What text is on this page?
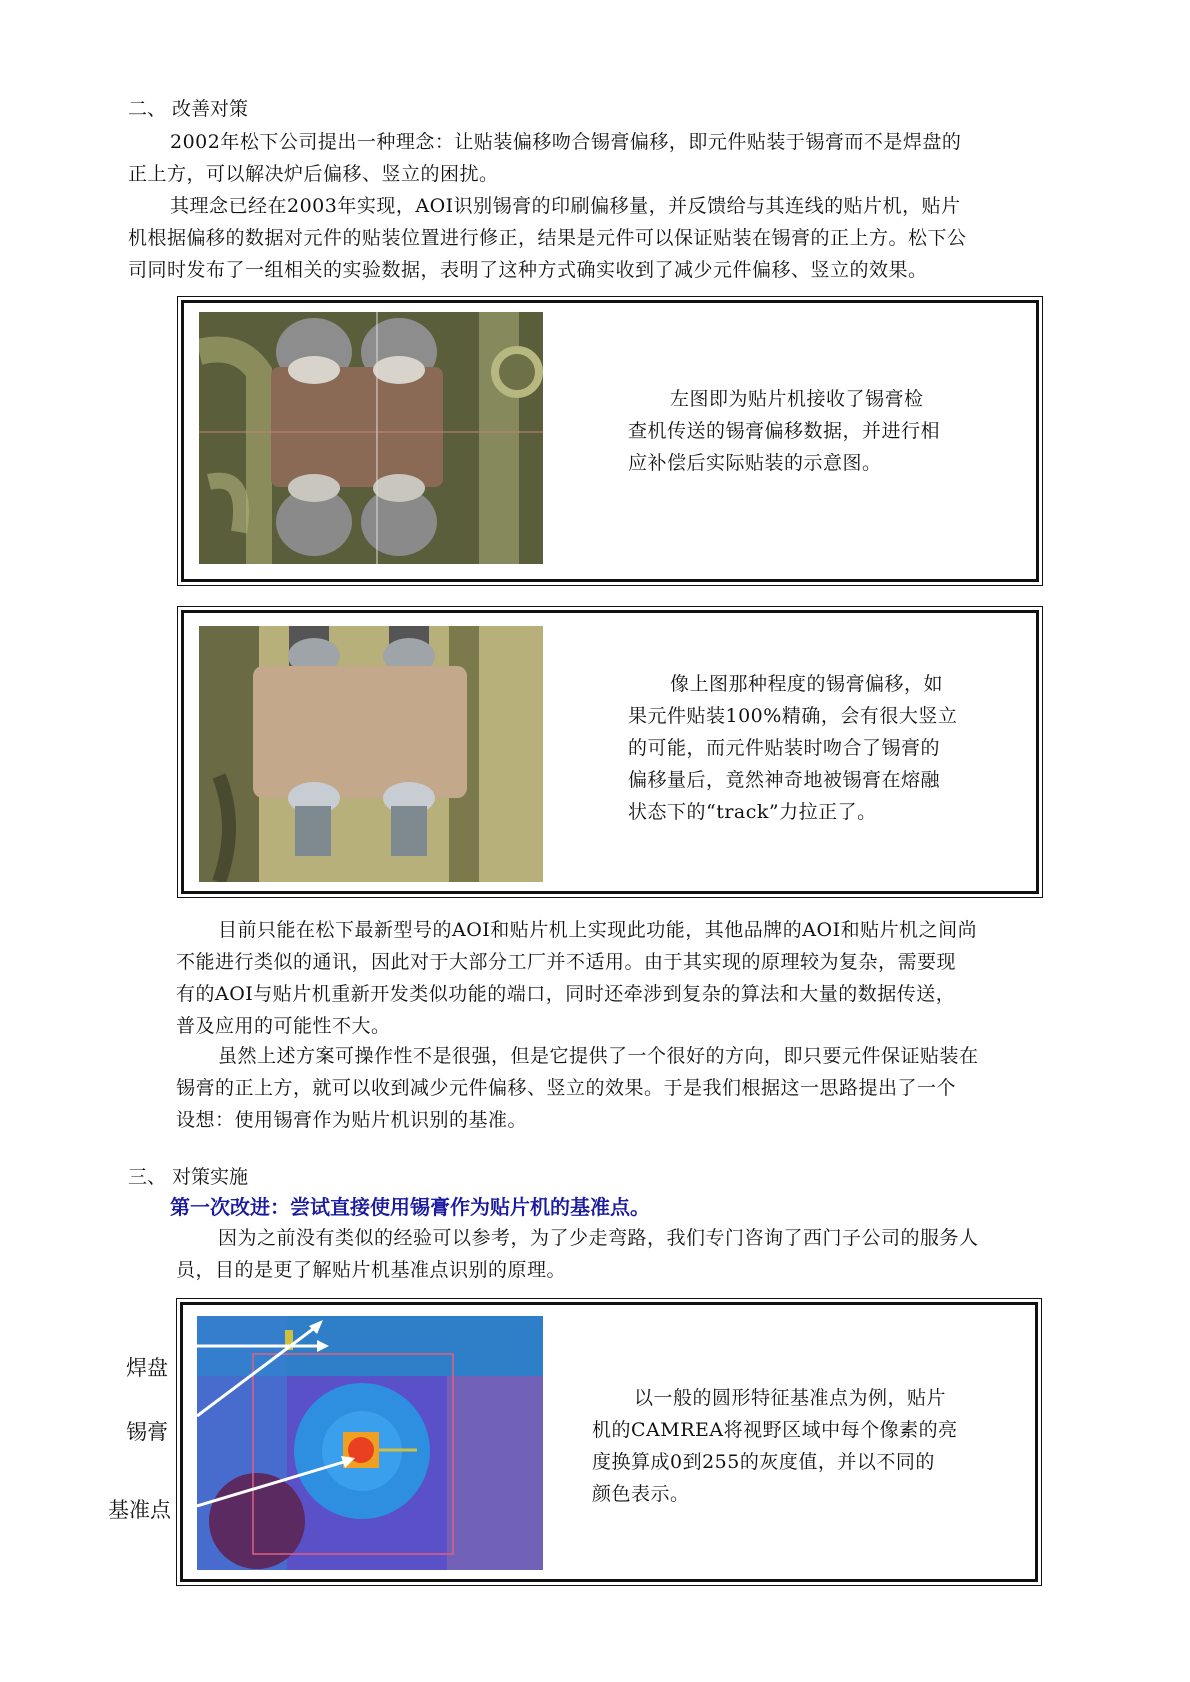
二、 改善对策
2002年松下公司提出一种理念：让贴装偏移吻合锡膏偏移，即元件贴装于锡膏而不是焊盘的
正上方，可以解决炉后偏移、竖立的困扰。
其理念已经在2003年实现，AOI识别锡膏的印刷偏移量，并反馈给与其连线的贴片机，贴片
机根据偏移的数据对元件的贴装位置进行修正，结果是元件可以保证贴装在锡膏的正上方。松下公
司同时发布了一组相关的实验数据，表明了这种方式确实收到了减少元件偏移、竖立的效果。
左图即为贴片机接收了锡膏检
查机传送的锡膏偏移数据，并进行相
应补偿后实际贴装的示意图。
像上图那种程度的锡膏偏移，如
果元件贴装100%精确，会有很大竖立
的可能，而元件贴装时吻合了锡膏的
偏移量后，竟然神奇地被锡膏在熔融
状态下的“track”力拉正了。
目前只能在松下最新型号的AOI和贴片机上实现此功能，其他品牌的AOI和贴片机之间尚
不能进行类似的通讯，因此对于大部分工厂并不适用。由于其实现的原理较为复杂，需要现
有的AOI与贴片机重新开发类似功能的端口，同时还牵涉到复杂的算法和大量的数据传送，
普及应用的可能性不大。
虽然上述方案可操作性不是很强，但是它提供了一个很好的方向，即只要元件保证贴装在
锡膏的正上方，就可以收到减少元件偏移、竖立的效果。于是我们根据这一思路提出了一个
设想：使用锡膏作为贴片机识别的基准。
三、 对策实施
第一次改进：尝试直接使用锡膏作为贴片机的基准点。
因为之前没有类似的经验可以参考，为了少走弯路，我们专门咨询了西门子公司的服务人
员，目的是更了解贴片机基准点识别的原理。
焊盘
锡膏
基准点
以一般的圆形特征基准点为例，贴片
机的CAMREA将视野区域中每个像素的亮
度换算成0到255的灰度值，并以不同的
颜色表示。
